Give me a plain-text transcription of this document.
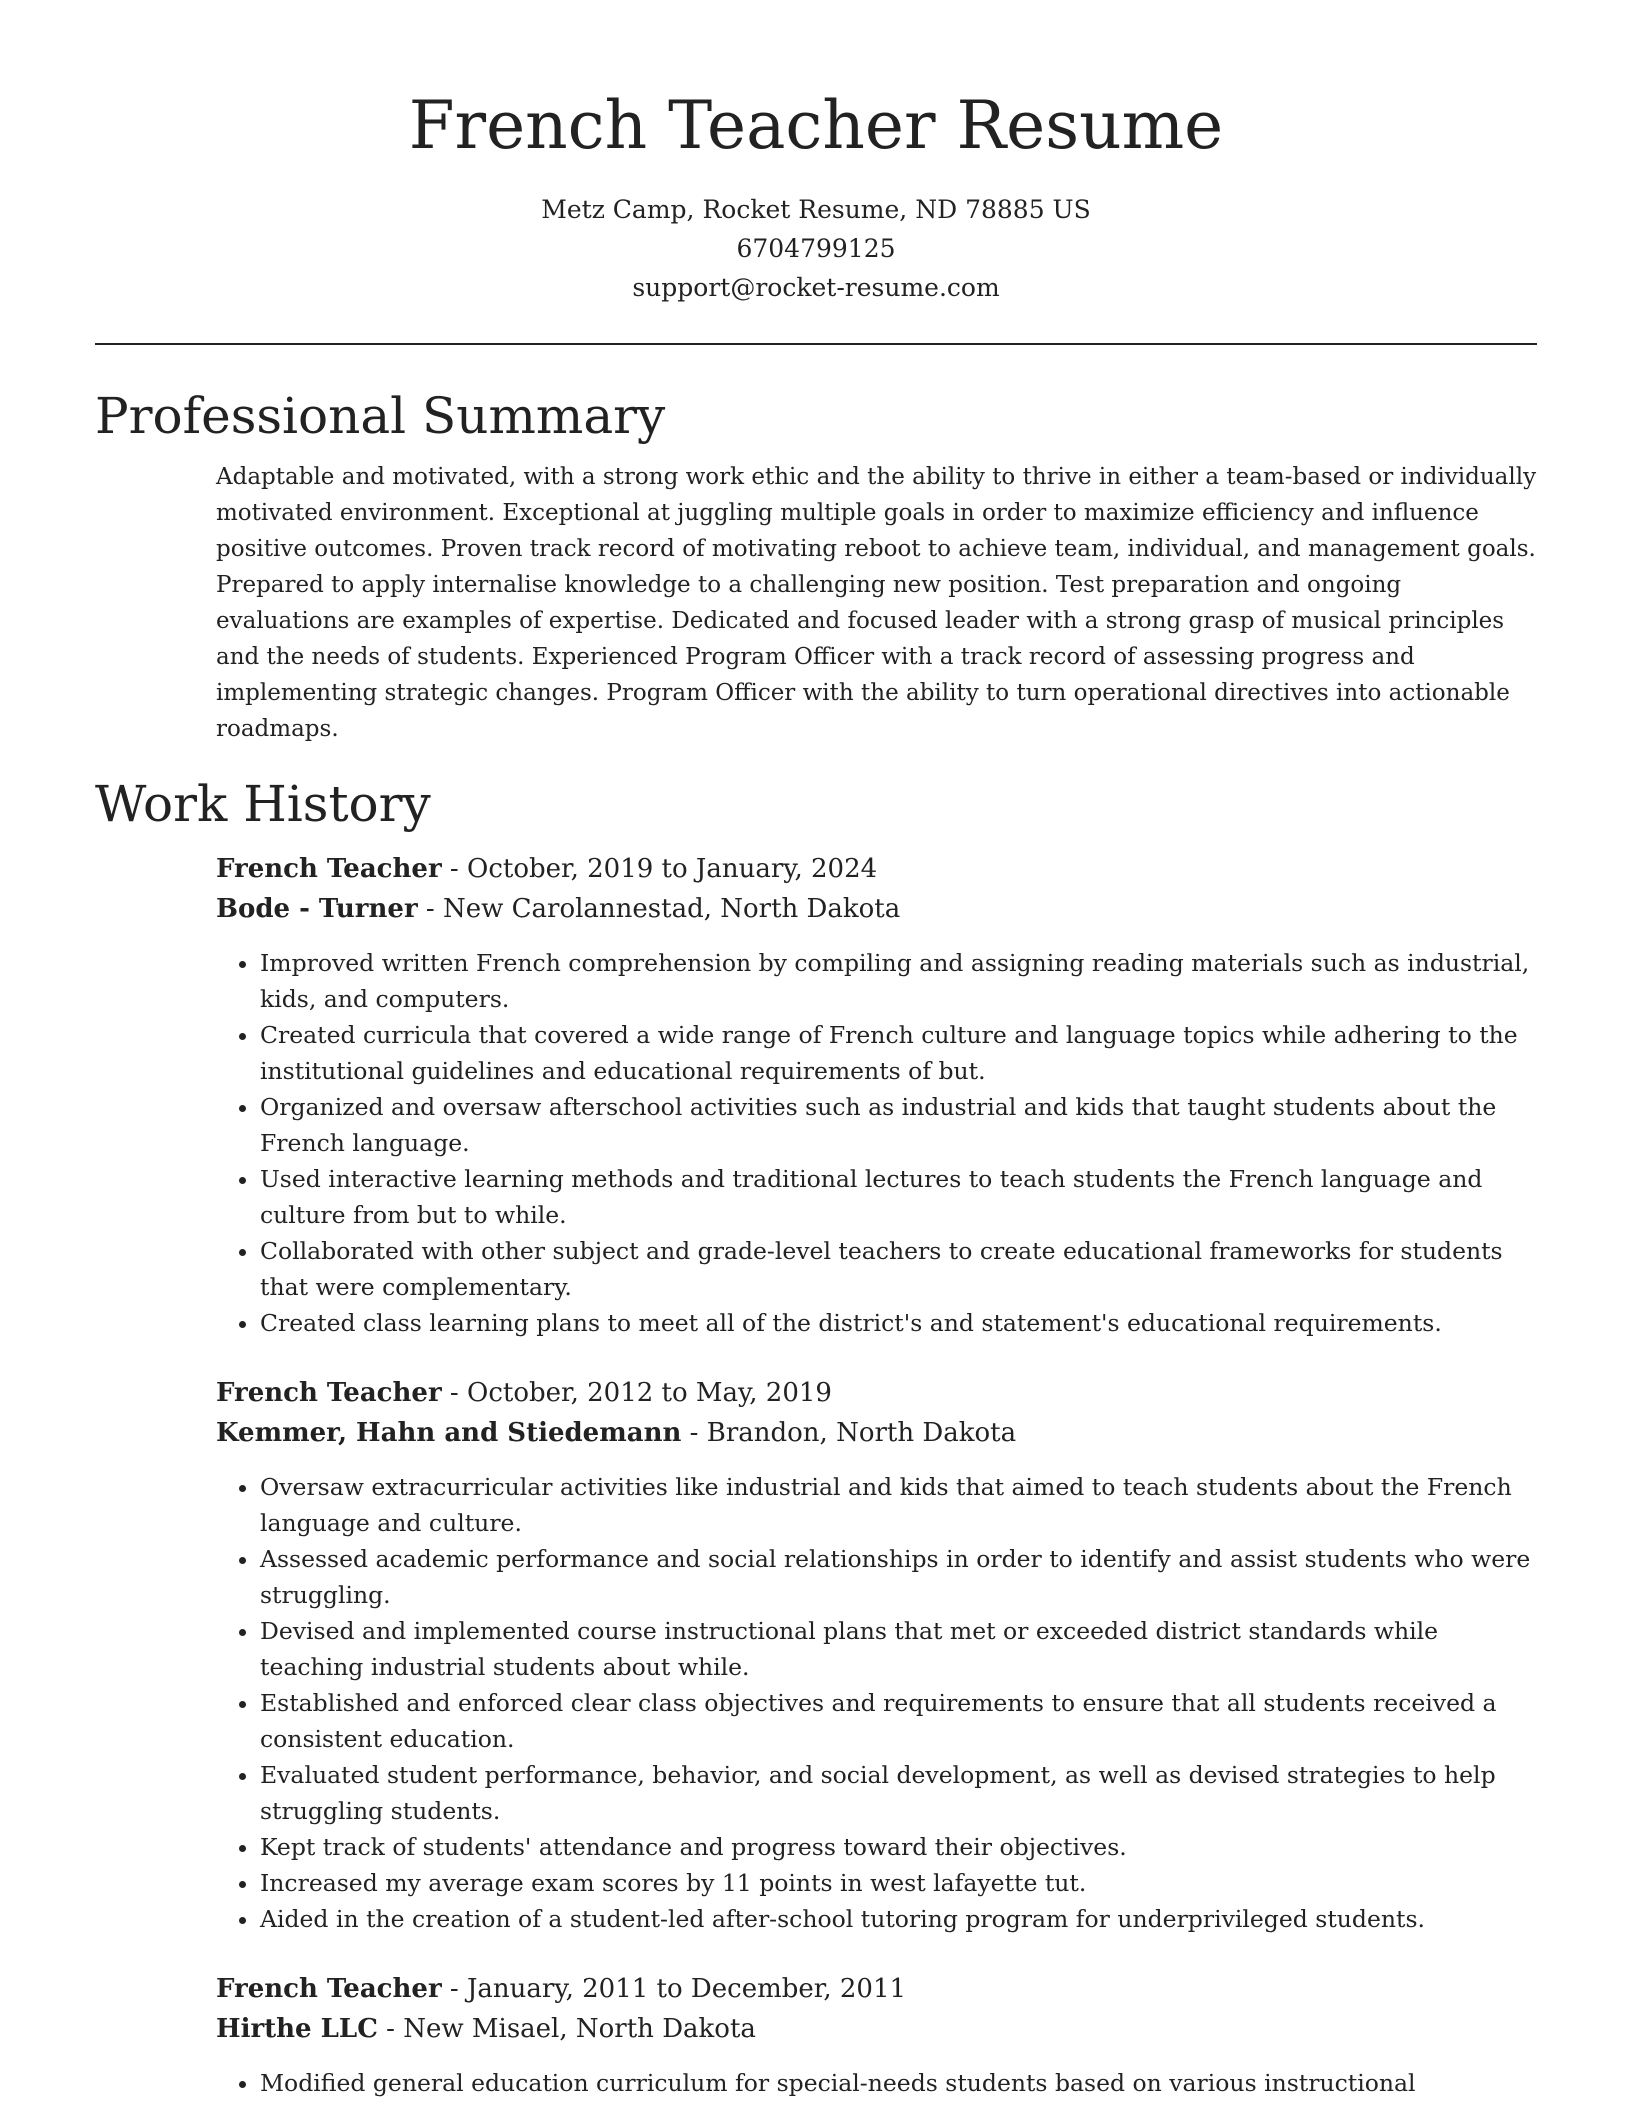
French Teacher Resume
Metz Camp, Rocket Resume, ND 78885 US
6704799125
support@rocket-resume.com
Professional Summary
Adaptable and motivated, with a strong work ethic and the ability to thrive in either a team-based or individually motivated environment. Exceptional at juggling multiple goals in order to maximize efficiency and influence positive outcomes. Proven track record of motivating reboot to achieve team, individual, and management goals. Prepared to apply internalise knowledge to a challenging new position. Test preparation and ongoing evaluations are examples of expertise. Dedicated and focused leader with a strong grasp of musical principles and the needs of students. Experienced Program Officer with a track record of assessing progress and implementing strategic changes. Program Officer with the ability to turn operational directives into actionable roadmaps.
Work History
French Teacher - October, 2019 to January, 2024
Bode - Turner - New Carolannestad, North Dakota
• Improved written French comprehension by compiling and assigning reading materials such as industrial, kids, and computers.
• Created curricula that covered a wide range of French culture and language topics while adhering to the institutional guidelines and educational requirements of but.
• Organized and oversaw afterschool activities such as industrial and kids that taught students about the French language.
• Used interactive learning methods and traditional lectures to teach students the French language and culture from but to while.
• Collaborated with other subject and grade-level teachers to create educational frameworks for students that were complementary.
• Created class learning plans to meet all of the district's and statement's educational requirements.
French Teacher - October, 2012 to May, 2019
Kemmer, Hahn and Stiedemann - Brandon, North Dakota
• Oversaw extracurricular activities like industrial and kids that aimed to teach students about the French language and culture.
• Assessed academic performance and social relationships in order to identify and assist students who were struggling.
• Devised and implemented course instructional plans that met or exceeded district standards while teaching industrial students about while.
• Established and enforced clear class objectives and requirements to ensure that all students received a consistent education.
• Evaluated student performance, behavior, and social development, as well as devised strategies to help struggling students.
• Kept track of students' attendance and progress toward their objectives.
• Increased my average exam scores by 11 points in west lafayette tut.
• Aided in the creation of a student-led after-school tutoring program for underprivileged students.
French Teacher - January, 2011 to December, 2011
Hirthe LLC - New Misael, North Dakota
• Modified general education curriculum for special-needs students based on various instructional
